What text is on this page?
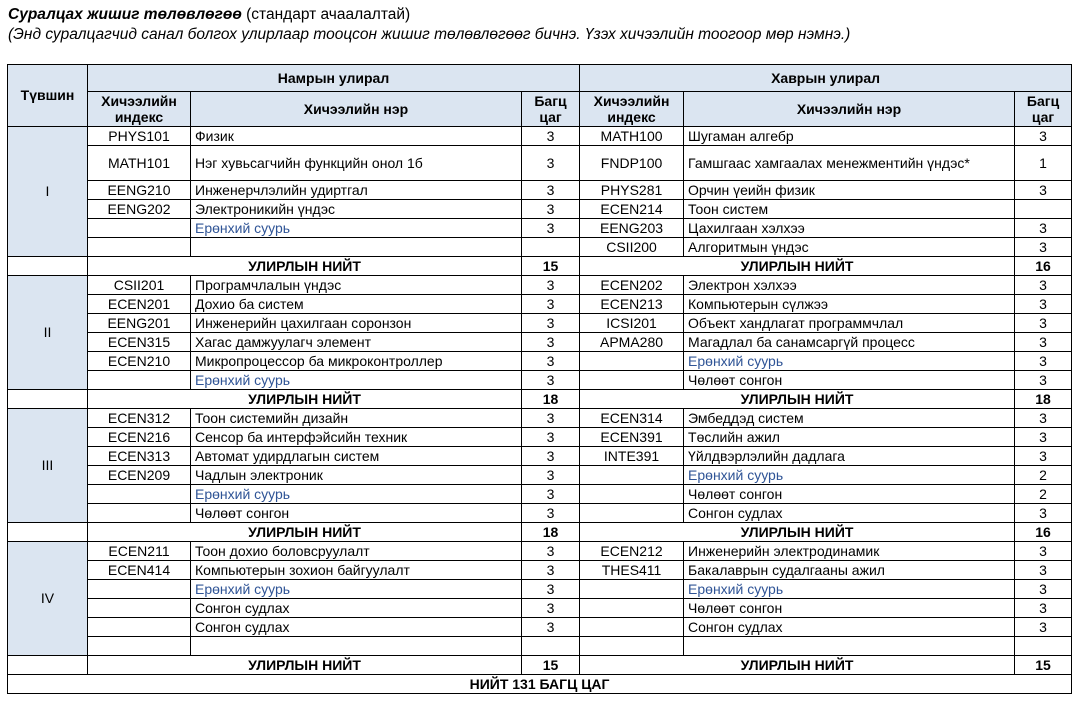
Суралцах жишиг төлөвлөгөө (стандарт ачаалалтай)
(Энд суралцагчид санал болгох улирлаар тооцсон жишиг төлөвлөгөөг бичнэ. Үзэх хичээлийн тоогоор мөр нэмнэ.)
Түвшин	Намрын улирал			Хаврын улирал		
	Хичээлийн индекс	Хичээлийн нэр	Багц цаг	Хичээлийн индекс	Хичээлийн нэр	Багц цаг
I	PHYS101	Физик	3	MATH100	Шугаман алгебр	3
	MATH101	Нэг хувьсагчийн функцийн онол 1б	3	FNDP100	Гамшгаас хамгаалах менежментийн үндэс*	1
	EENG210	Инженерчлэлийн удиртгал	3	PHYS281	Орчин үеийн физик	3
	EENG202	Электроникийн үндэс	3	ECEN214	Тоон систем	
		Ерөнхий суурь	3	EENG203	Цахилгаан хэлхээ	3
				CSII200	Алгоритмын үндэс	3
	УЛИРЛЫН НИЙТ		15	УЛИРЛЫН НИЙТ		16
II	CSII201	Програмчлалын үндэс	3	ECEN202	Электрон хэлхээ	3
	ECEN201	Дохио ба систем	3	ECEN213	Компьютерын сүлжээ	3
	EENG201	Инженерийн цахилгаан соронзон	3	ICSI201	Объект хандлагат программчлал	3
	ECEN315	Хагас дамжуулагч элемент	3	APMA280	Магадлал ба санамсаргүй процесс	3
	ECEN210	Микропроцессор ба микроконтроллер	3		Ерөнхий суурь	3
		Ерөнхий суурь	3		Чөлөөт сонгон	3
	УЛИРЛЫН НИЙТ		18	УЛИРЛЫН НИЙТ		18
III	ECEN312	Тоон системийн дизайн	3	ECEN314	Эмбеддэд систем	3
	ECEN216	Сенсор ба интерфэйсийн техник	3	ECEN391	Төслийн ажил	3
	ECEN313	Автомат удирдлагын систем	3	INTE391	Үйлдвэрлэлийн дадлага	3
	ECEN209	Чадлын электроник	3		Ерөнхий суурь	2
		Ерөнхий суурь	3		Чөлөөт сонгон	2
		Чөлөөт сонгон	3		Сонгон судлах	3
	УЛИРЛЫН НИЙТ		18	УЛИРЛЫН НИЙТ		16
IV	ECEN211	Тоон дохио боловсруулалт	3	ECEN212	Инженерийн электродинамик	3
	ECEN414	Компьютерын зохион байгуулалт	3	THES411	Бакалаврын судалгааны ажил	3
		Ерөнхий суурь	3		Ерөнхий суурь	3
		Сонгон судлах	3		Чөлөөт сонгон	3
		Сонгон судлах	3		Сонгон судлах	3

	УЛИРЛЫН НИЙТ		15	УЛИРЛЫН НИЙТ		15
НИЙТ 131 БАГЦ ЦАГ						
